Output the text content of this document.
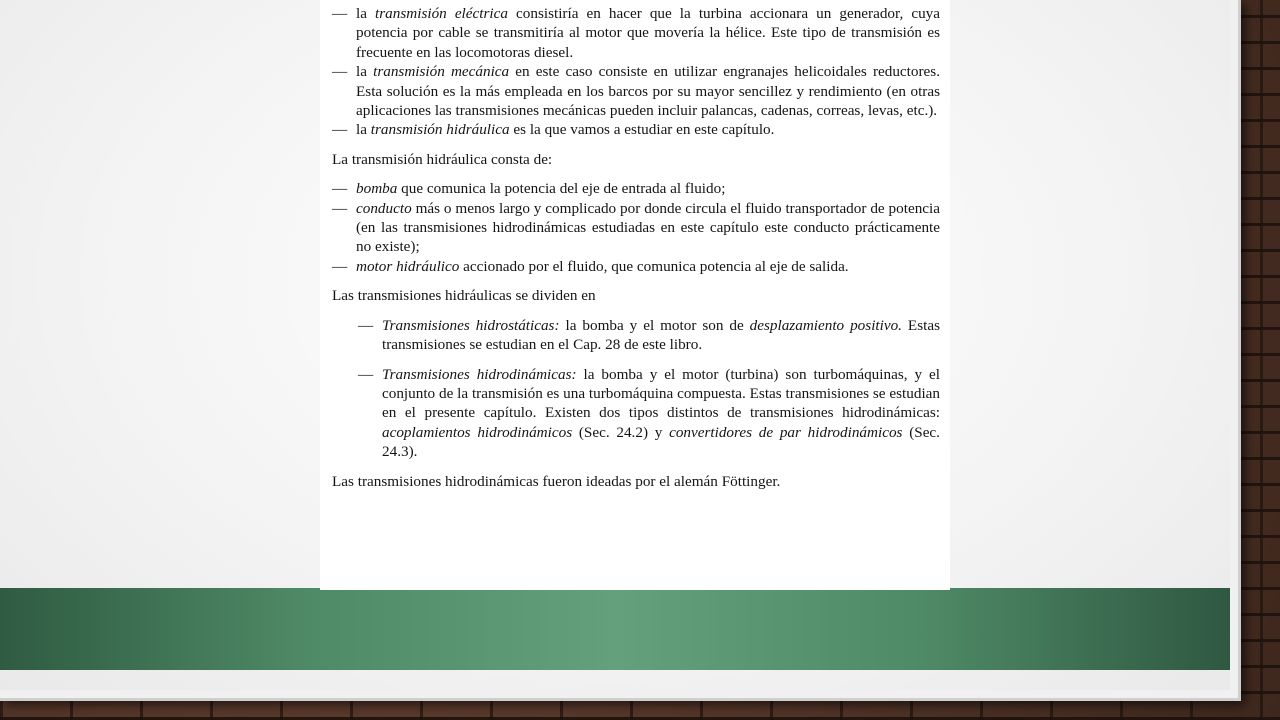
— la transmisión eléctrica consistiría en hacer que la turbina accionara un generador, cuya potencia por cable se transmitiría al motor que movería la hélice. Este tipo de transmisión es frecuente en las locomotoras diesel.
— la transmisión mecánica en este caso consiste en utilizar engranajes helicoidales reductores. Esta solución es la más empleada en los barcos por su mayor sencillez y rendimiento (en otras aplicaciones las transmisiones mecánicas pueden incluir palancas, cadenas, correas, levas, etc.).
— la transmisión hidráulica es la que vamos a estudiar en este capítulo.

La transmisión hidráulica consta de:

— bomba que comunica la potencia del eje de entrada al fluido;
— conducto más o menos largo y complicado por donde circula el fluido transportador de potencia (en las transmisiones hidrodinámicas estudiadas en este capítulo este conducto prácticamente no existe);
— motor hidráulico accionado por el fluido, que comunica potencia al eje de salida.

Las transmisiones hidráulicas se dividen en

— Transmisiones hidrostáticas: la bomba y el motor son de desplazamiento positivo. Estas transmisiones se estudian en el Cap. 28 de este libro.
— Transmisiones hidrodinámicas: la bomba y el motor (turbina) son turbomáquinas, y el conjunto de la transmisión es una turbomáquina compuesta. Estas transmisiones se estudian en el presente capítulo. Existen dos tipos distintos de transmisiones hidrodinámicas: acoplamientos hidrodinámicos (Sec. 24.2) y convertidores de par hidrodinámicos (Sec. 24.3).

Las transmisiones hidrodinámicas fueron ideadas por el alemán Föttinger.
